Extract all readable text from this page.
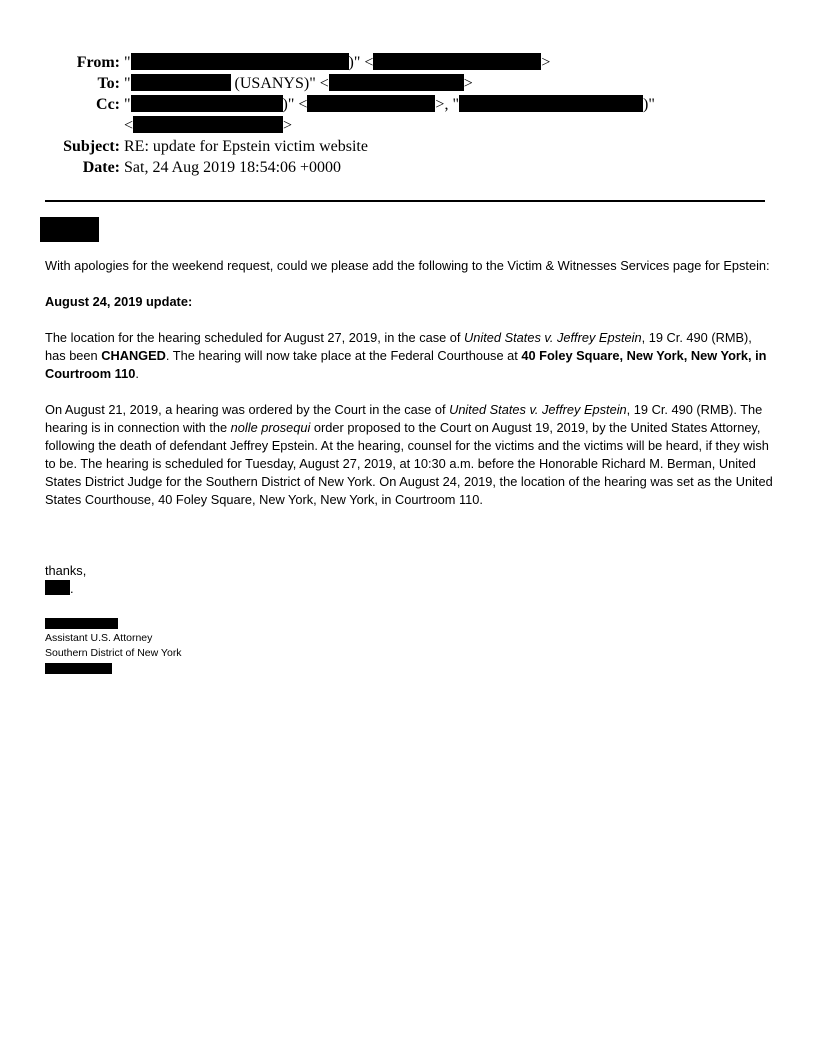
From: "	)" <	>
To: "	(USANYS)" <	>
Cc: "	)" <	>, "	)"
<	>
Subject: RE: update for Epstein victim website
Date: Sat, 24 Aug 2019 18:54:06 +0000

With apologies for the weekend request, could we please add the following to the Victim & Witnesses Services page for Epstein:

August 24, 2019 update:

The location for the hearing scheduled for August 27, 2019, in the case of United States v. Jeffrey Epstein, 19 Cr. 490 (RMB), has been CHANGED. The hearing will now take place at the Federal Courthouse at 40 Foley Square, New York, New York, in Courtroom 110.

On August 21, 2019, a hearing was ordered by the Court in the case of United States v. Jeffrey Epstein, 19 Cr. 490 (RMB). The hearing is in connection with the nolle prosequi order proposed to the Court on August 19, 2019, by the United States Attorney, following the death of defendant Jeffrey Epstein. At the hearing, counsel for the victims and the victims will be heard, if they wish to be. The hearing is scheduled for Tuesday, August 27, 2019, at 10:30 a.m. before the Honorable Richard M. Berman, United States District Judge for the Southern District of New York. On August 24, 2019, the location of the hearing was set as the United States Courthouse, 40 Foley Square, New York, New York, in Courtroom 110.

thanks,
.
Assistant U.S. Attorney
Southern District of New York
